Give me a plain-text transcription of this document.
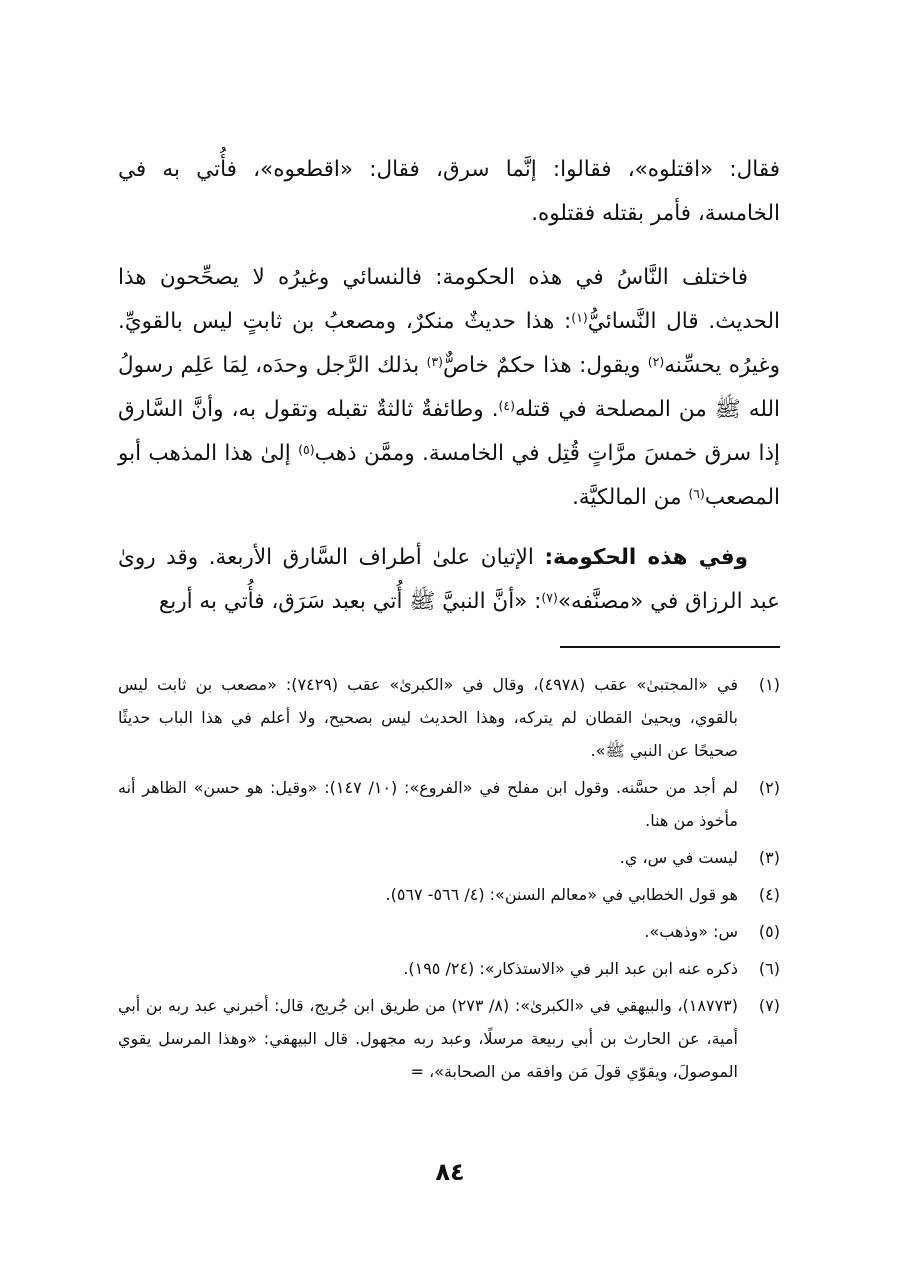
فقال: «اقتلوه»، فقالوا: إنَّما سرق، فقال: «اقطعوه»، فأُتي به في الخامسة، فأمر بقتله فقتلوه.

فاختلف النَّاسُ في هذه الحكومة: فالنسائي وغيرُه لا يصحِّحون هذا الحديث. قال النَّسائيُّ$^{(١)}$: هذا حديثٌ منكرٌ، ومصعبُ بن ثابتٍ ليس بالقويِّ. وغيرُه يحسِّنه$^{(٢)}$ ويقول: هذا حكمٌ خاصٌّ$^{(٣)}$ بذلك الرَّجل وحدَه، لِمَا عَلِم رسولُ الله ﷺ من المصلحة في قتله$^{(٤)}$. وطائفةٌ ثالثةٌ تقبله وتقول به، وأنَّ السَّارق إذا سرق خمسَ مرَّاتٍ قُتِل في الخامسة. وممَّن ذهب$^{(٥)}$ إلىٰ هذا المذهب أبو المصعب$^{(٦)}$ من المالكيَّة.

وفي هذه الحكومة: الإتيان علىٰ أطراف السَّارق الأربعة. وقد روىٰ عبد الرزاق في «مصنَّفه»$^{(٧)}$: «أنَّ النبيَّ ﷺ أُتي بعبد سَرَق، فأُتي به أربع

(١)
في «المجتبىٰ» عقب (٤٩٧٨)، وقال في «الكبرىٰ» عقب (٧٤٢٩): «مصعب بن ثابت ليس بالقوي، ويحيىٰ القطان لم يتركه، وهذا الحديث ليس بصحيح، ولا أعلم في هذا الباب حديثًا صحيحًا عن النبي ﷺ».
(٢)
لم أجد من حسَّنه. وقول ابن مفلح في «الفروع»: (١٠/ ١٤٧): «وقيل: هو حسن» الظاهر أنه مأخوذ من هنا.
(٣)
ليست في س، ي.
(٤)
هو قول الخطابي في «معالم السنن»: (٤/ ٥٦٦- ٥٦٧).
(٥)
س: «وذهب».
(٦)
ذكره عنه ابن عبد البر في «الاستذكار»: (٢٤/ ١٩٥).
(٧)
(١٨٧٧٣)، والبيهقي في «الكبرىٰ»: (٨/ ٢٧٣) من طريق ابن جُريج، قال: أخبرني عبد ربه بن أبي أمية، عن الحارث بن أبي ربيعة مرسلًا، وعبد ربه مجهول. قال البيهقي: «وهذا المرسل يقوي الموصولَ، ويقوّي قولَ مَن وافقه من الصحابة»، =
٨٤
